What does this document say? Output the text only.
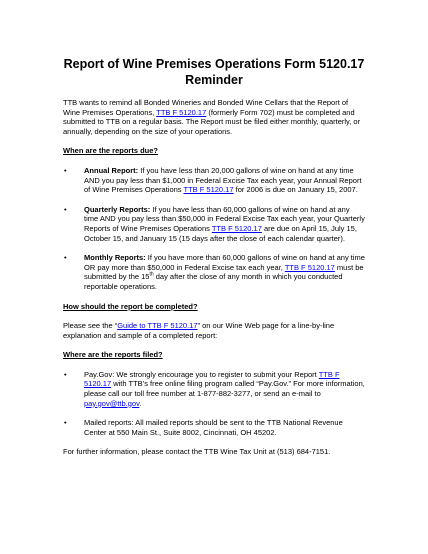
Report of Wine Premises Operations Form 5120.17
Reminder

TTB wants to remind all Bonded Wineries and Bonded Wine Cellars that the Report of Wine Premises Operations, TTB F 5120.17 (formerly Form 702) must be completed and submitted to TTB on a regular basis. The Report must be filed either monthly, quarterly, or annually, depending on the size of your operations.

When are the reports due?

• Annual Report: If you have less than 20,000 gallons of wine on hand at any time AND you pay less than $1,000 in Federal Excise Tax each year, your Annual Report of Wine Premises Operations TTB F 5120.17 for 2006 is due on January 15, 2007.
• Quarterly Reports: If you have less than 60,000 gallons of wine on hand at any time AND you pay less than $50,000 in Federal Excise Tax each year, your Quarterly Reports of Wine Premises Operations TTB F 5120.17 are due on April 15, July 15, October 15, and January 15 (15 days after the close of each calendar quarter).
• Monthly Reports: If you have more than 60,000 gallons of wine on hand at any time OR pay more than $50,000 in Federal Excise tax each year, TTB F 5120.17 must be submitted by the 15th day after the close of any month in which you conducted reportable operations.

How should the report be completed?

Please see the “Guide to TTB F 5120.17” on our Wine Web page for a line-by-line explanation and sample of a completed report:

Where are the reports filed?

• Pay.Gov: We strongly encourage you to register to submit your Report TTB F 5120.17 with TTB’s free online filing program called “Pay.Gov.” For more information, please call our toll free number at 1-877-882-3277, or send an e-mail to pay.gov@ttb.gov.
• Mailed reports: All mailed reports should be sent to the TTB National Revenue Center at 550 Main St., Suite 8002, Cincinnati, OH 45202.

For further information, please contact the TTB Wine Tax Unit at (513) 684-7151.
